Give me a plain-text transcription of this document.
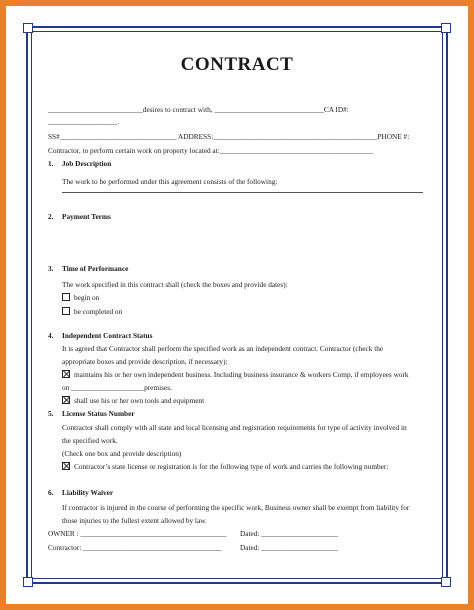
CONTRACT
__________________________desires to contract with, ______________________________CA ID#:
___________________.
SS#________________________________ ADDRESS:_____________________________________________PHONE #:
Contractor, to perform certain work on property located at:__________________________________________
1. Job Description
The work to be performed under this agreement consists of the following:
2. Payment Terms
3. Time of Performance
The work specified in this contract shall (check the boxes and provide dates):
begin on
be completed on
4. Independent Contract Status
It is agreed that Contractor shall perform the specified work as an independent contract. Contractor (check the
appropriate boxes and provide description, if necessary):
maintains his or her own independent business. Including business insurance & workers Comp, if employees work
on ____________________premises.
shall use his or her own tools and equipment
5. License Status Number
Contractor shall comply with all state and local licensing and registration requirements for type of activity involved in
the specified work.
(Check one box and provide description)
Contractor’s state license or registration is for the following type of work and carries the following number:
6. Liability Waiver
If contractor is injured in the course of performing the specific work, Business owner shall be exempt from liability for
those injuries to the fullest extent allowed by law.
OWNER : ________________________________________ Dated: _____________________
Contractor: ______________________________________	Dated: _____________________
